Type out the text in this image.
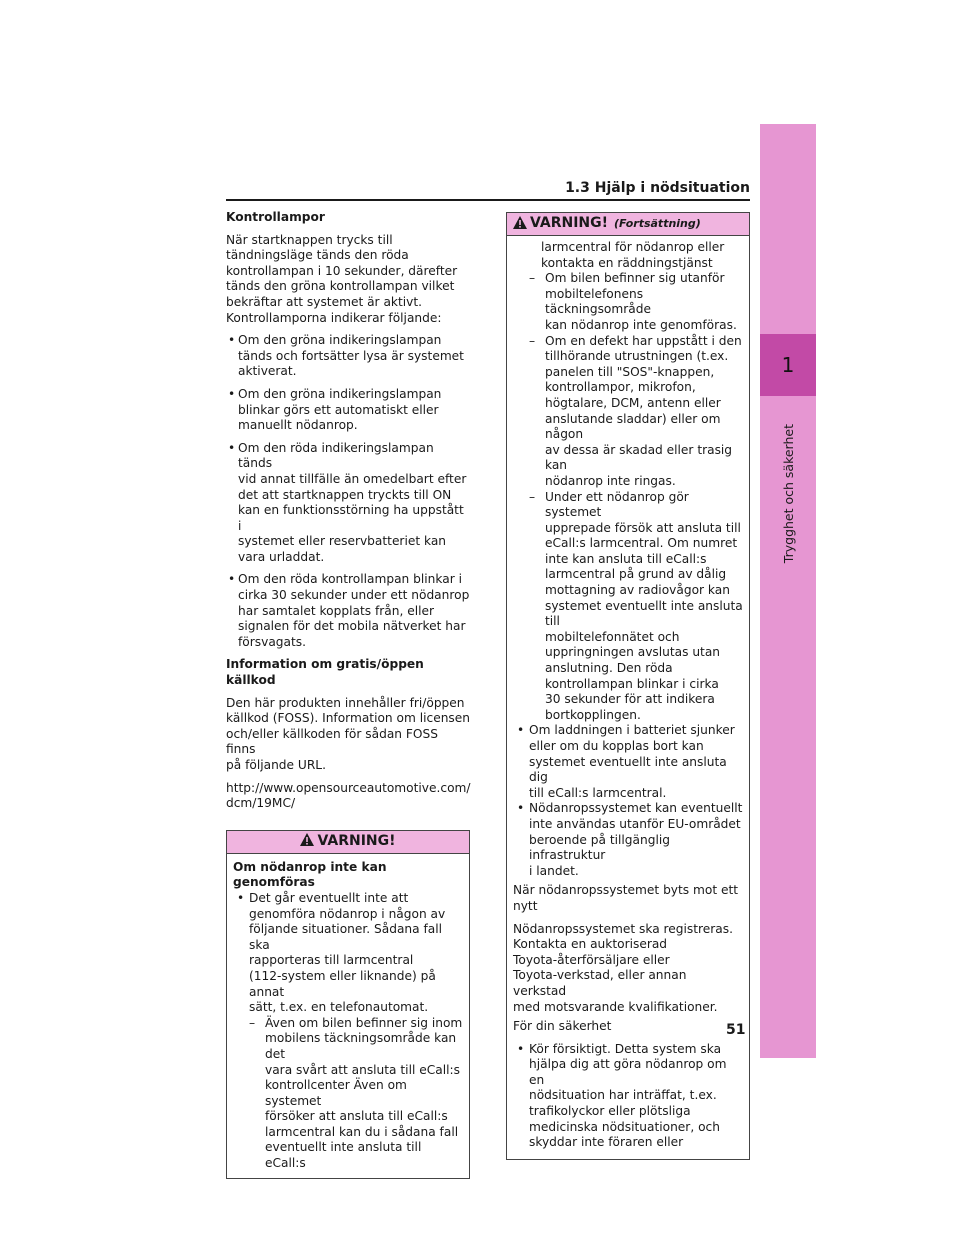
1.3 Hjälp i nödsituation
1
Trygghet och säkerhet
51
Kontrollampor

När startknappen trycks till
tändningsläge tänds den röda
kontrollampan i 10 sekunder, därefter
tänds den gröna kontrollampan vilket
bekräftar att systemet är aktivt.
Kontrollamporna indikerar följande:

• Om den gröna indikeringslampan
tänds och fortsätter lysa är systemet
aktiverat.
• Om den gröna indikeringslampan
blinkar görs ett automatiskt eller
manuellt nödanrop.
• Om den röda indikeringslampan tänds
vid annat tillfälle än omedelbart efter
det att startknappen tryckts till ON
kan en funktionsstörning ha uppstått i
systemet eller reservbatteriet kan
vara urladdat.
• Om den röda kontrollampan blinkar i
cirka 30 sekunder under ett nödanrop
har samtalet kopplats från, eller
signalen för det mobila nätverket har
försvagats.
Information om gratis/öppen källkod

Den här produkten innehåller fri/öppen
källkod (FOSS). Information om licensen
och/eller källkoden för sådan FOSS finns
på följande URL.

http://www.opensourceautomotive.com/
dcm/19MC/

VARNING!

Om nödanrop inte kan genomföras

• Det går eventuellt inte att
genomföra nödanrop i någon av
följande situationer. Sådana fall ska
rapporteras till larmcentral
(112-system eller liknande) på annat
sätt, t.ex. en telefonautomat.
– Även om bilen befinner sig inom
mobilens täckningsområde kan det
vara svårt att ansluta till eCall:s
kontrollcenter Även om systemet
försöker att ansluta till eCall:s
larmcentral kan du i sådana fall
eventuellt inte ansluta till eCall:s
VARNING! (Fortsättning)
larmcentral för nödanrop eller
kontakta en räddningstjänst
– Om bilen befinner sig utanför
mobiltelefonens täckningsområde
kan nödanrop inte genomföras.
– Om en defekt har uppstått i den
tillhörande utrustningen (t.ex.
panelen till "SOS"-knappen,
kontrollampor, mikrofon,
högtalare, DCM, antenn eller
anslutande sladdar) eller om någon
av dessa är skadad eller trasig kan
nödanrop inte ringas.
– Under ett nödanrop gör systemet
upprepade försök att ansluta till
eCall:s larmcentral. Om numret
inte kan ansluta till eCall:s
larmcentral på grund av dålig
mottagning av radiovågor kan
systemet eventuellt inte ansluta till
mobiltelefonnätet och
uppringningen avslutas utan
anslutning. Den röda
kontrollampan blinkar i cirka
30 sekunder för att indikera
bortkopplingen.
• Om laddningen i batteriet sjunker
eller om du kopplas bort kan
systemet eventuellt inte ansluta dig
till eCall:s larmcentral.
• Nödanropssystemet kan eventuellt
inte användas utanför EU-området
beroende på tillgänglig infrastruktur
i landet.

När nödanropssystemet byts mot ett
nytt

Nödanropssystemet ska registreras.
Kontakta en auktoriserad
Toyota-återförsäljare eller
Toyota-verkstad, eller annan verkstad
med motsvarande kvalifikationer.

För din säkerhet

• Kör försiktigt. Detta system ska
hjälpa dig att göra nödanrop om en
nödsituation har inträffat, t.ex.
trafikolyckor eller plötsliga
medicinska nödsituationer, och
skyddar inte föraren eller
